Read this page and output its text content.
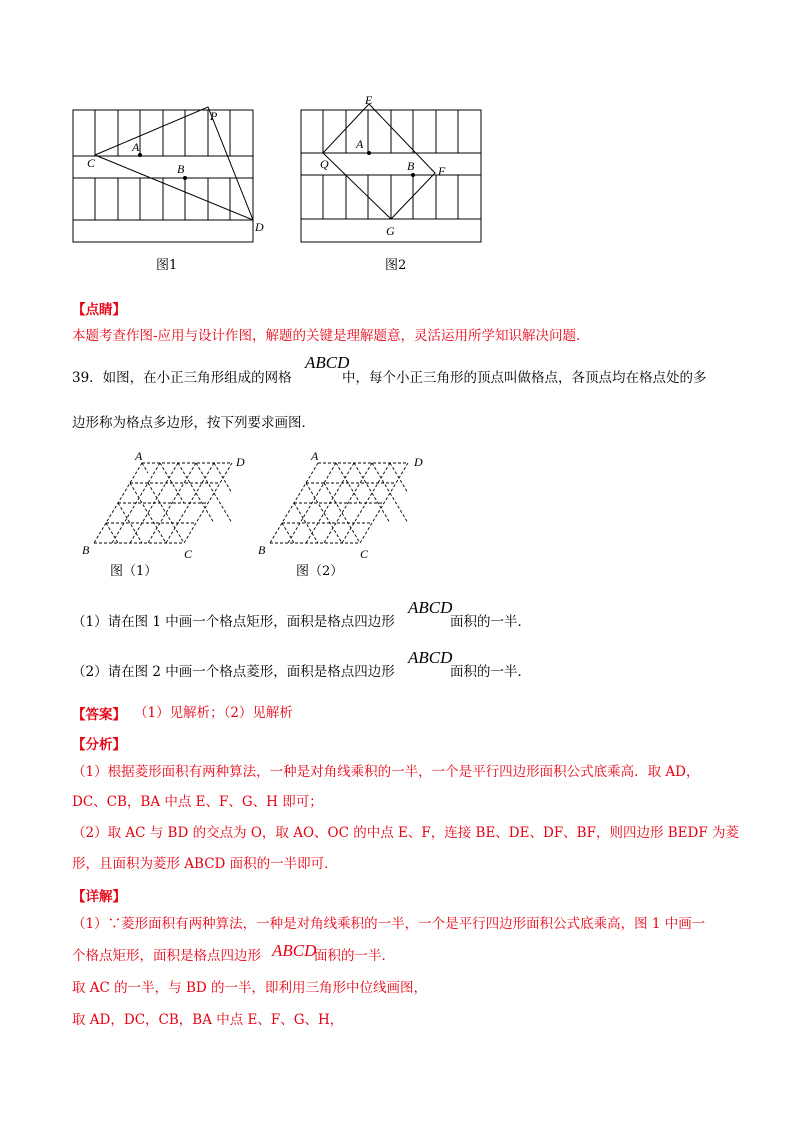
P
A
C	B
D
图1
E
A
Q	B F
G
图2
【点睛】
本题考查作图-应用与设计作图，解题的关键是理解题意，灵活运用所学知识解决问题.
39．如图，在小正三角形组成的网格
ABCD
中，每个小正三角形的顶点叫做格点，各顶点均在格点处的多
边形称为格点多边形，按下列要求画图．
A	D
B	C
图（1）
A	D
B	C
图（2）
（1）请在图 1 中画一个格点矩形，面积是格点四边形
ABCD
面积的一半．
（2）请在图 2 中画一个格点菱形，面积是格点四边形
ABCD
面积的一半．
【答案】 （1）见解析；（2）见解析
【分析】
（1）根据菱形面积有两种算法，一种是对角线乘积的一半，一个是平行四边形面积公式底乘高．取 AD，
DC、CB，BA 中点 E、F、G、H 即可；
（2）取 AC 与 BD 的交点为 O，取 AO、OC 的中点 E、F，连接 BE、DE、DF、BF，则四边形 BEDF 为菱
形，且面积为菱形 ABCD 面积的一半即可．
【详解】
（1）∵菱形面积有两种算法，一种是对角线乘积的一半，一个是平行四边形面积公式底乘高，图 1 中画一
个格点矩形，面积是格点四边形 ABCD
面积的一半．
取 AC 的一半，与 BD 的一半，即利用三角形中位线画图，
取 AD，DC，CB，BA 中点 E、F、G、H，
